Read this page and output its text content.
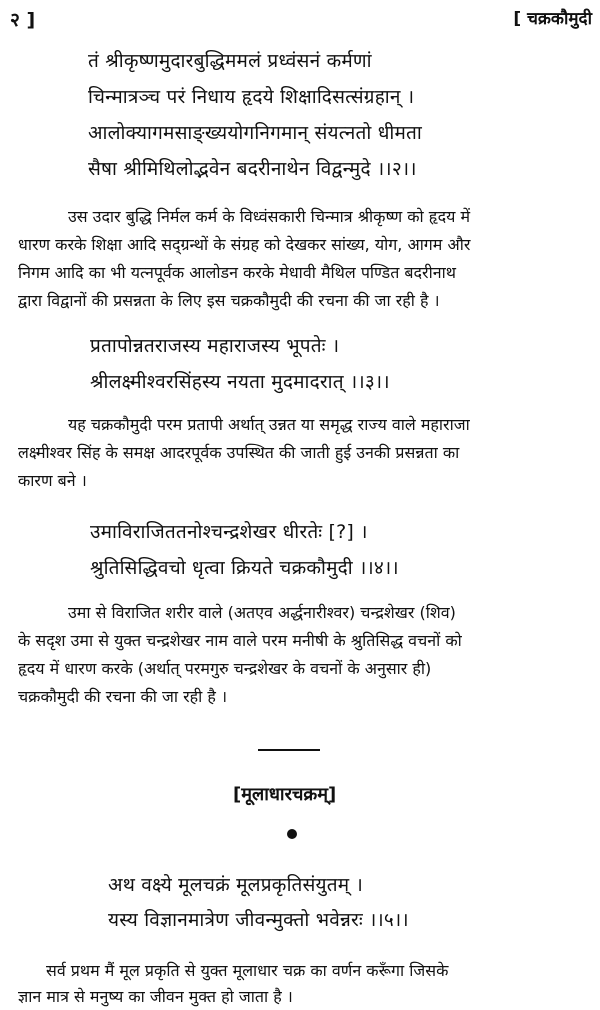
२ ]	[ चक्रकौमुदी
तं श्रीकृष्णमुदारबुद्धिममलं प्रध्वंसनं कर्मणां
चिन्मात्रञ्च परं निधाय हृदये शिक्षादिसत्संग्रहान् ।
आलोक्यागमसाङ्ख्ययोगनिगमान् संयत्नतो धीमता
सैषा श्रीमिथिलोद्भवेन बदरीनाथेन विद्वन्मुदे ।।२।।
उस उदार बुद्धि निर्मल कर्म के विध्वंसकारी चिन्मात्र श्रीकृष्ण को हृदय में
धारण करके शिक्षा आदि सद्ग्रन्थों के संग्रह को देखकर सांख्य, योग, आगम और
निगम आदि का भी यत्नपूर्वक आलोडन करके मेधावी मैथिल पण्डित बदरीनाथ
द्वारा विद्वानों की प्रसन्नता के लिए इस चक्रकौमुदी की रचना की जा रही है ।
प्रतापोन्नतराजस्य महाराजस्य भूपतेः ।
श्रीलक्ष्मीश्वरसिंहस्य नयता मुदमादरात् ।।३।।
यह चक्रकौमुदी परम प्रतापी अर्थात् उन्नत या समृद्ध राज्य वाले महाराजा
लक्ष्मीश्वर सिंह के समक्ष आदरपूर्वक उपस्थित की जाती हुई उनकी प्रसन्नता का
कारण बने ।
उमाविराजिततनोश्चन्द्रशेखर धीरतेः [?] ।
श्रुतिसिद्धिवचो धृत्वा क्रियते चक्रकौमुदी ।।४।।
उमा से विराजित शरीर वाले (अतएव अर्द्धनारीश्वर) चन्द्रशेखर (शिव)
के सदृश उमा से युक्त चन्द्रशेखर नाम वाले परम मनीषी के श्रुतिसिद्ध वचनों को
हृदय में धारण करके (अर्थात् परमगुरु चन्द्रशेखर के वचनों के अनुसार ही)
चक्रकौमुदी की रचना की जा रही है ।
[मूलाधारचक्रम्]
अथ वक्ष्ये मूलचक्रं मूलप्रकृतिसंयुतम् ।
यस्य विज्ञानमात्रेण जीवन्मुक्तो भवेन्नरः ।।५।।
सर्व प्रथम मैं मूल प्रकृति से युक्त मूलाधार चक्र का वर्णन करूँगा जिसके
ज्ञान मात्र से मनुष्य का जीवन मुक्त हो जाता है ।
